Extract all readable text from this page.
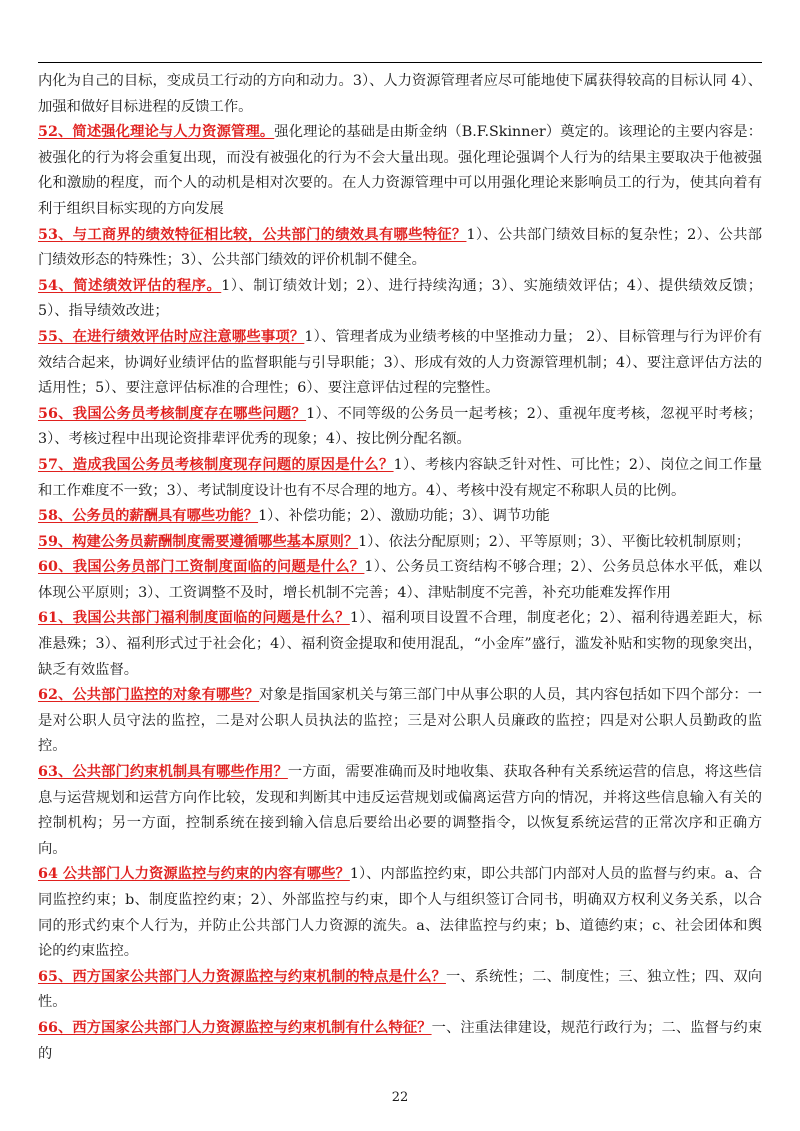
内化为自己的目标，变成员工行动的方向和动力。3）、人力资源管理者应尽可能地使下属获得较高的目标认同 4）、加强和做好目标进程的反馈工作。

52、简述强化理论与人力资源管理。强化理论的基础是由斯金纳（B.F.Skinner）奠定的。该理论的主要内容是：被强化的行为将会重复出现，而没有被强化的行为不会大量出现。强化理论强调个人行为的结果主要取决于他被强化和激励的程度，而个人的动机是相对次要的。在人力资源管理中可以用强化理论来影响员工的行为，使其向着有利于组织目标实现的方向发展

53、与工商界的绩效特征相比较，公共部门的绩效具有哪些特征？1）、公共部门绩效目标的复杂性；2）、公共部门绩效形态的特殊性；3）、公共部门绩效的评价机制不健全。

54、简述绩效评估的程序。1）、制订绩效计划；2）、进行持续沟通；3）、实施绩效评估；4）、提供绩效反馈；5）、指导绩效改进；

55、在进行绩效评估时应注意哪些事项？1）、管理者成为业绩考核的中坚推动力量； 2）、目标管理与行为评价有效结合起来，协调好业绩评估的监督职能与引导职能；3）、形成有效的人力资源管理机制；4）、要注意评估方法的适用性；5）、要注意评估标准的合理性；6）、要注意评估过程的完整性。

56、我国公务员考核制度存在哪些问题？1）、不同等级的公务员一起考核；2）、重视年度考核，忽视平时考核；3）、考核过程中出现论资排辈评优秀的现象；4）、按比例分配名额。

57、造成我国公务员考核制度现存问题的原因是什么？1）、考核内容缺乏针对性、可比性；2）、岗位之间工作量和工作难度不一致；3）、考试制度设计也有不尽合理的地方。4）、考核中没有规定不称职人员的比例。

58、公务员的薪酬具有哪些功能？1）、补偿功能；2）、激励功能；3）、调节功能

59、构建公务员薪酬制度需要遵循哪些基本原则？1）、依法分配原则；2）、平等原则；3）、平衡比较机制原则；

60、我国公务员部门工资制度面临的问题是什么？1）、公务员工资结构不够合理；2）、公务员总体水平低，难以体现公平原则；3）、工资调整不及时，增长机制不完善；4）、津贴制度不完善，补充功能难发挥作用

61、我国公共部门福利制度面临的问题是什么？1）、福利项目设置不合理，制度老化；2）、福利待遇差距大，标准悬殊；3）、福利形式过于社会化；4）、福利资金提取和使用混乱，“小金库”盛行，滥发补贴和实物的现象突出，缺乏有效监督。

62、公共部门监控的对象有哪些？对象是指国家机关与第三部门中从事公职的人员，其内容包括如下四个部分：一是对公职人员守法的监控，二是对公职人员执法的监控；三是对公职人员廉政的监控；四是对公职人员勤政的监控。

63、公共部门约束机制具有哪些作用？一方面，需要准确而及时地收集、获取各种有关系统运营的信息，将这些信息与运营规划和运营方向作比较，发现和判断其中违反运营规划或偏离运营方向的情况，并将这些信息输入有关的控制机构；另一方面，控制系统在接到输入信息后要给出必要的调整指令，以恢复系统运营的正常次序和正确方向。

64 公共部门人力资源监控与约束的内容有哪些？1）、内部监控约束，即公共部门内部对人员的监督与约束。a、合同监控约束；b、制度监控约束；2）、外部监控与约束，即个人与组织签订合同书，明确双方权利义务关系，以合同的形式约束个人行为，并防止公共部门人力资源的流失。a、法律监控与约束；b、道德约束；c、社会团体和舆论的约束监控。

65、西方国家公共部门人力资源监控与约束机制的特点是什么？一、系统性；二、制度性；三、独立性；四、双向性。

66、西方国家公共部门人力资源监控与约束机制有什么特征？一、注重法律建设，规范行政行为；二、监督与约束的

22
